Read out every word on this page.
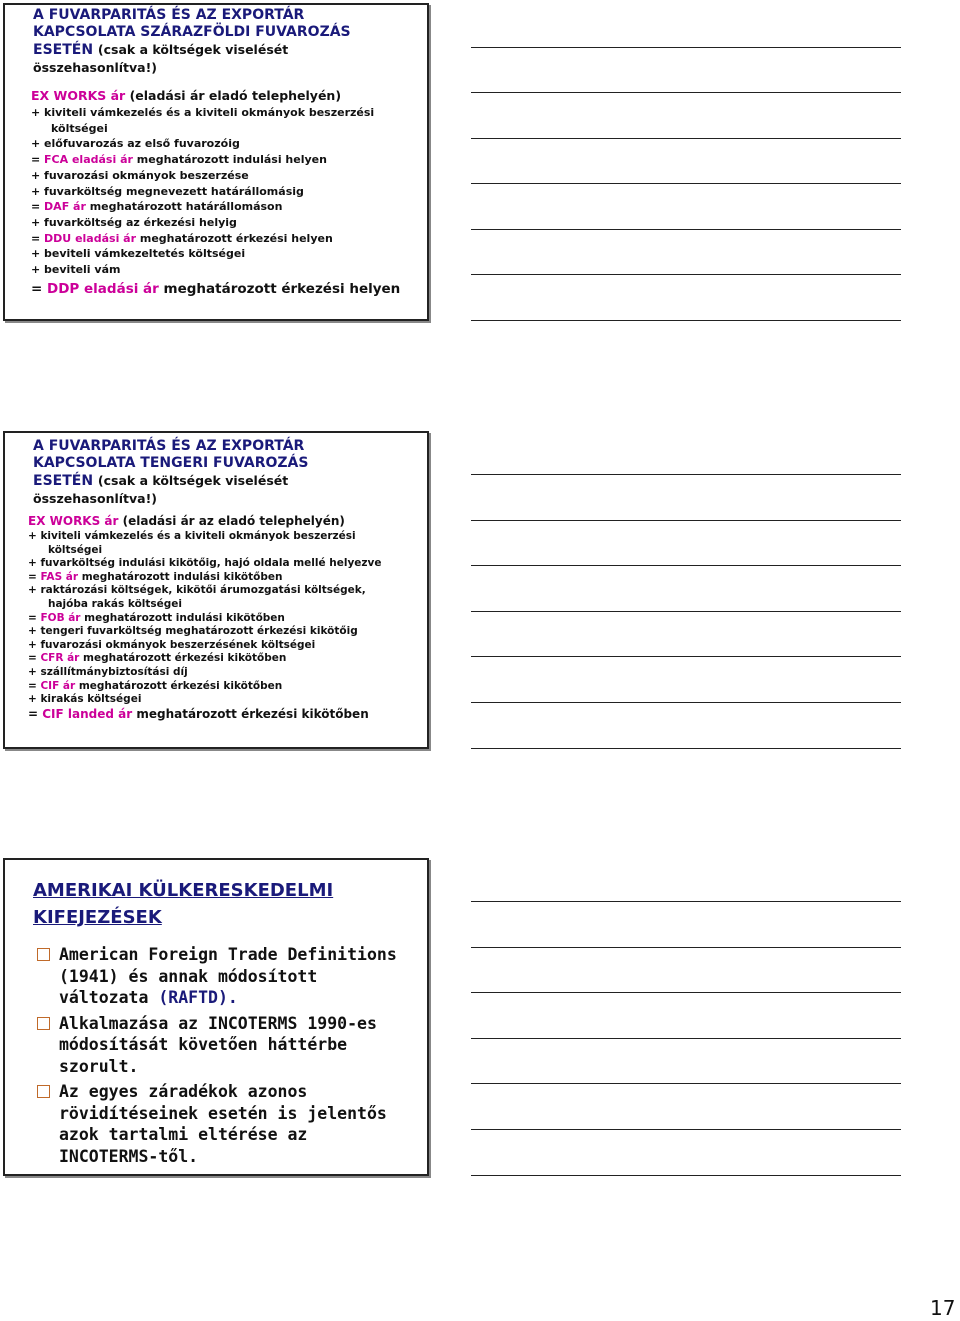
A FUVARPARITÁS ÉS AZ EXPORTÁR KAPCSOLATA SZÁRAZFÖLDI FUVAROZÁS ESETÉN (csak a költségek viselését összehasonlítva!)
EX WORKS ár (eladási ár eladó telephelyén)
+ kiviteli vámkezelés és a kiviteli okmányok beszerzési
költségei
+ előfuvarozás az első fuvarozóig
= FCA eladási ár meghatározott indulási helyen
+ fuvarozási okmányok beszerzése
+ fuvarköltség megnevezett határállomásig
= DAF ár meghatározott határállomáson
+ fuvarköltség az érkezési helyig
= DDU eladási ár meghatározott érkezési helyen
+ beviteli vámkezeltetés költségei
+ beviteli vám
= DDP eladási ár meghatározott érkezési helyen
A FUVARPARITÁS ÉS AZ EXPORTÁR KAPCSOLATA TENGERI FUVAROZÁS ESETÉN (csak a költségek viselését összehasonlítva!)
EX WORKS ár (eladási ár az eladó telephelyén)
+ kiviteli vámkezelés és a kiviteli okmányok beszerzési
költségei
+ fuvarköltség indulási kikötőig, hajó oldala mellé helyezve
= FAS ár meghatározott indulási kikötőben
+ raktározási költségek, kikötői árumozgatási költségek,
hajóba rakás költségei
= FOB ár meghatározott indulási kikötőben
+ tengeri fuvarköltség meghatározott érkezési kikötőig
+ fuvarozási okmányok beszerzésének költségei
= CFR ár meghatározott érkezési kikötőben
+ szállítmánybiztosítási díj
= CIF ár meghatározott érkezési kikötőben
+ kirakás költségei
= CIF landed ár meghatározott érkezési kikötőben
AMERIKAI KÜLKERESKEDELMI KIFEJEZÉSEK
American Foreign Trade Definitions (1941) és annak módosított változata (RAFTD).
Alkalmazása az INCOTERMS 1990-es módosítását követően háttérbe szorult.
Az egyes záradékok azonos rövidítéseinek esetén is jelentős azok tartalmi eltérése az INCOTERMS-től.
17
